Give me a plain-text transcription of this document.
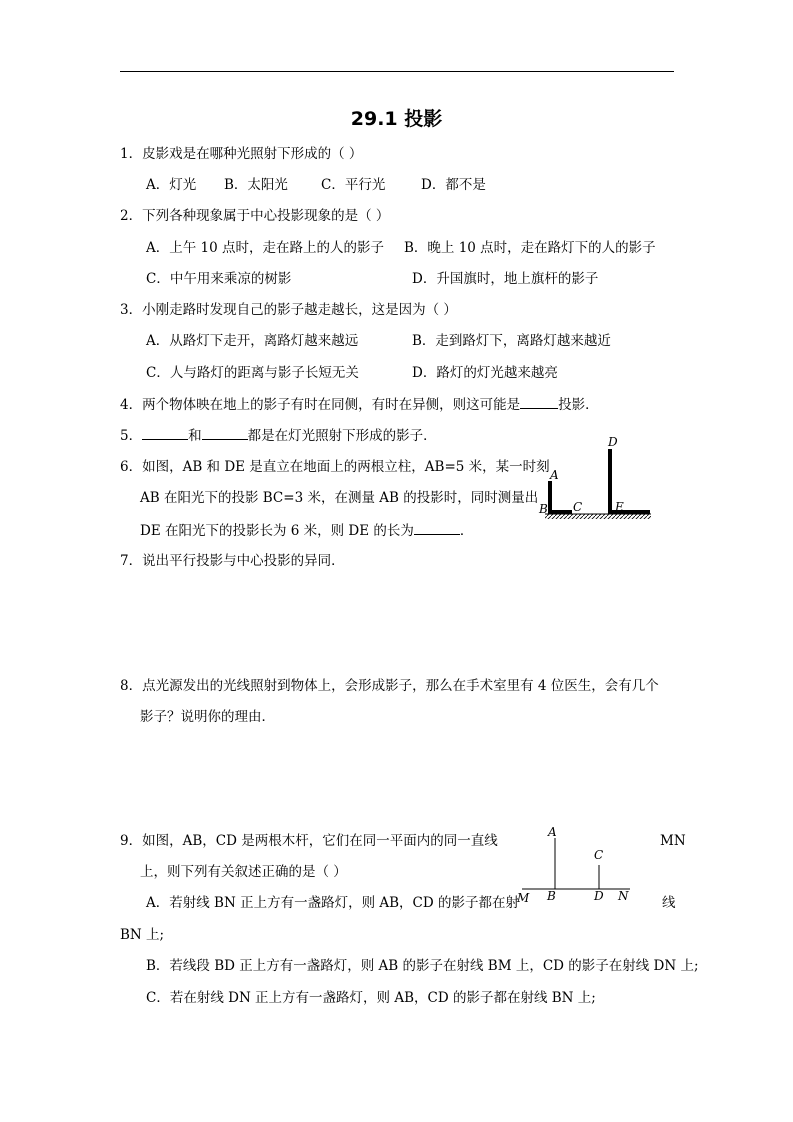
29.1 投影
1．皮影戏是在哪种光照射下形成的（ ）
A．灯光 B．太阳光 C．平行光	D．都不是
2．下列各种现象属于中心投影现象的是（ ）
A．上午 10 点时，走在路上的人的影子 B．晚上 10 点时，走在路灯下的人的影子
C．中午用来乘凉的树影	D．升国旗时，地上旗杆的影子
3．小刚走路时发现自己的影子越走越长，这是因为（ ）
A．从路灯下走开，离路灯越来越远	B．走到路灯下，离路灯越来越近
C．人与路灯的距离与影子长短无关	D．路灯的灯光越来越亮
4．两个物体映在地上的影子有时在同侧，有时在异侧，则这可能是	投影．
5．	和	都是在灯光照射下形成的影子．
6．如图，AB 和 DE 是直立在地面上的两根立柱，AB=5 米，某一时刻
AB 在阳光下的投影 BC=3 米，在测量 AB 的投影时，同时测量出
DE 在阳光下的投影长为 6 米，则 DE 的长为	．
A
B C
D
E
7．说出平行投影与中心投影的异同．
8．点光源发出的光线照射到物体上，会形成影子，那么在手术室里有 4 位医生，会有几个
影子？说明你的理由．
9．如图，AB，CD 是两根木杆，它们在同一平面内的同一直线	MN
上，则下列有关叙述正确的是（ ）
A．若射线 BN 正上方有一盏路灯，则 AB，CD 的影子都在射	线
BN 上;
B．若线段 BD 正上方有一盏路灯，则 AB 的影子在射线 BM 上，CD 的影子在射线 DN 上;
C．若在射线 DN 正上方有一盏路灯，则 AB，CD 的影子都在射线 BN 上;
A
C
M B	D N
